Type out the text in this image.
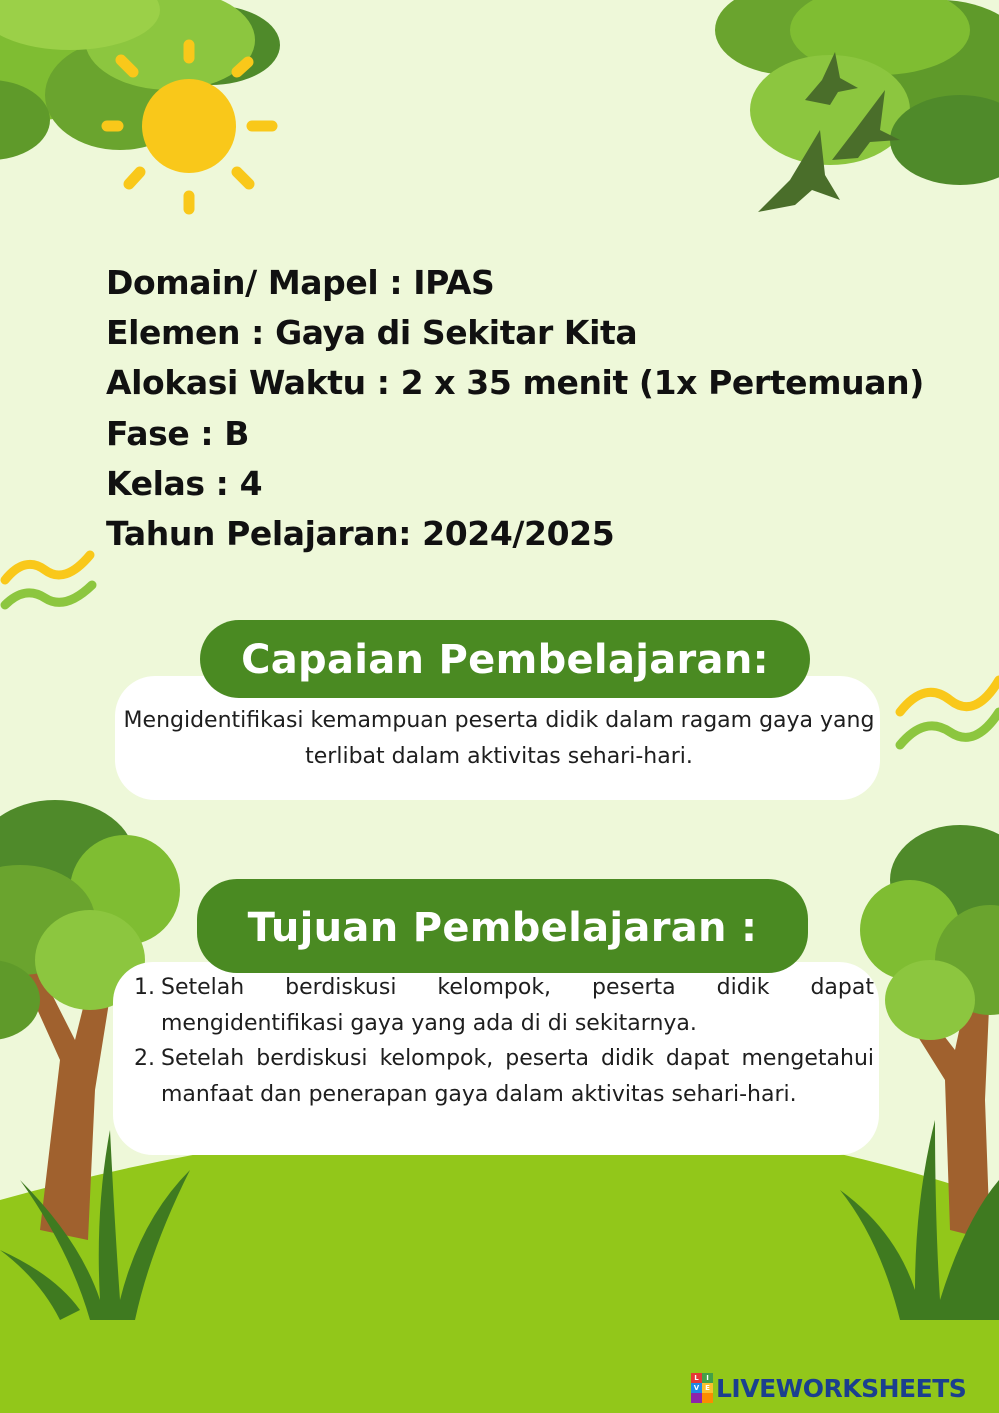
Domain/ Mapel : IPAS
Elemen : Gaya di Sekitar Kita
Alokasi Waktu : 2 x 35 menit (1x Pertemuan)
Fase : B
Kelas : 4
Tahun Pelajaran: 2024/2025
Capaian Pembelajaran:
Mengidentifikasi kemampuan peserta didik dalam ragam gaya yang terlibat dalam aktivitas sehari-hari.
Tujuan Pembelajaran :
1. Setelah berdiskusi kelompok, peserta didik dapat mengidentifikasi gaya yang ada di di sekitarnya.
2. Setelah berdiskusi kelompok, peserta didik dapat mengetahui manfaat dan penerapan gaya dalam aktivitas sehari-hari.
L	I
V E LIVEWORKSHEETS
